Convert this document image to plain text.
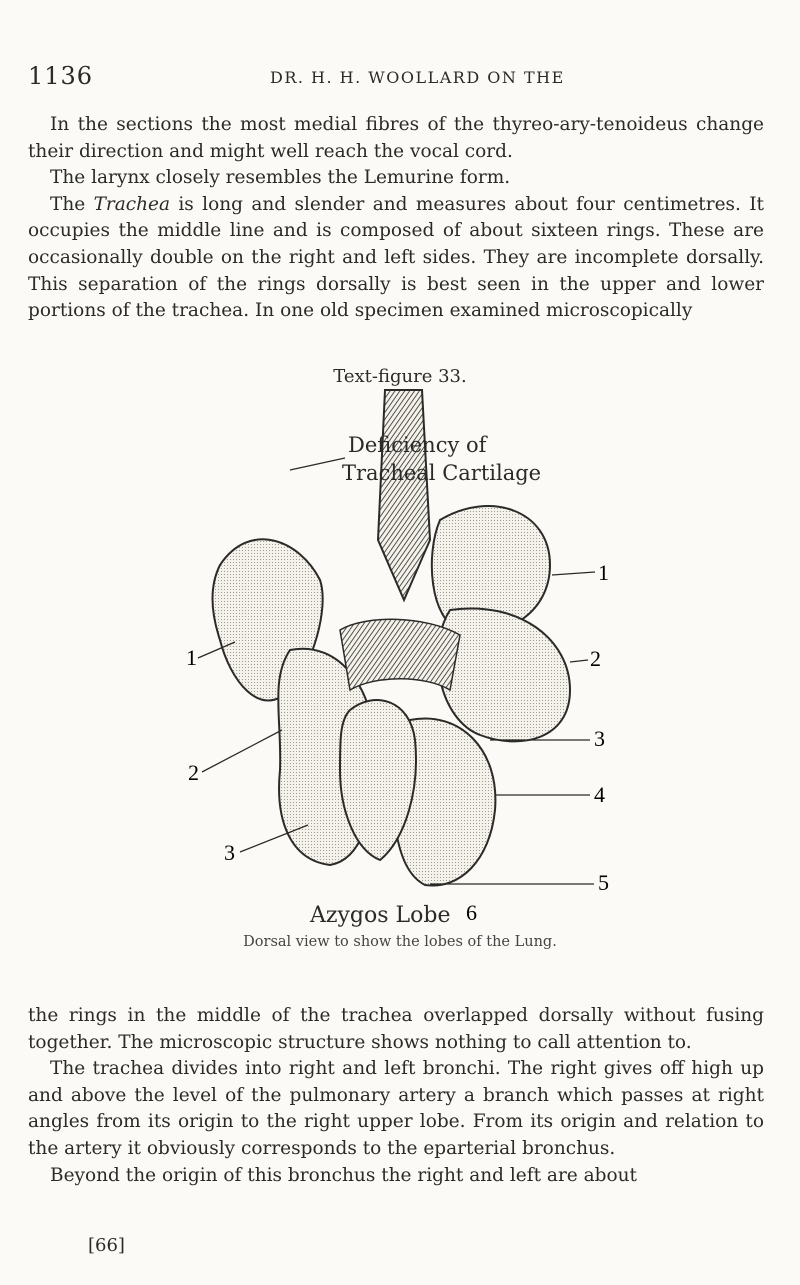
1136	DR. H. H. WOOLLARD ON THE

In the sections the most medial fibres of the thyreo-ary-tenoideus change their direction and might well reach the vocal cord.

The larynx closely resembles the Lemurine form.

The Trachea is long and slender and measures about four centimetres. It occupies the middle line and is composed of about sixteen rings. These are occasionally double on the right and left sides. They are incomplete dorsally. This separation of the rings dorsally is best seen in the upper and lower portions of the trachea. In one old specimen examined microscopically

Text-figure 33.
Deficiency of
Tracheal Cartilage
Azygos Lobe
1
2
3
1
2
3
4
5
6
Dorsal view to show the lobes of the Lung.

the rings in the middle of the trachea overlapped dorsally without fusing together. The microscopic structure shows nothing to call attention to.

The trachea divides into right and left bronchi. The right gives off high up and above the level of the pulmonary artery a branch which passes at right angles from its origin to the right upper lobe. From its origin and relation to the artery it obviously corresponds to the eparterial bronchus.

Beyond the origin of this bronchus the right and left are about

[66]
